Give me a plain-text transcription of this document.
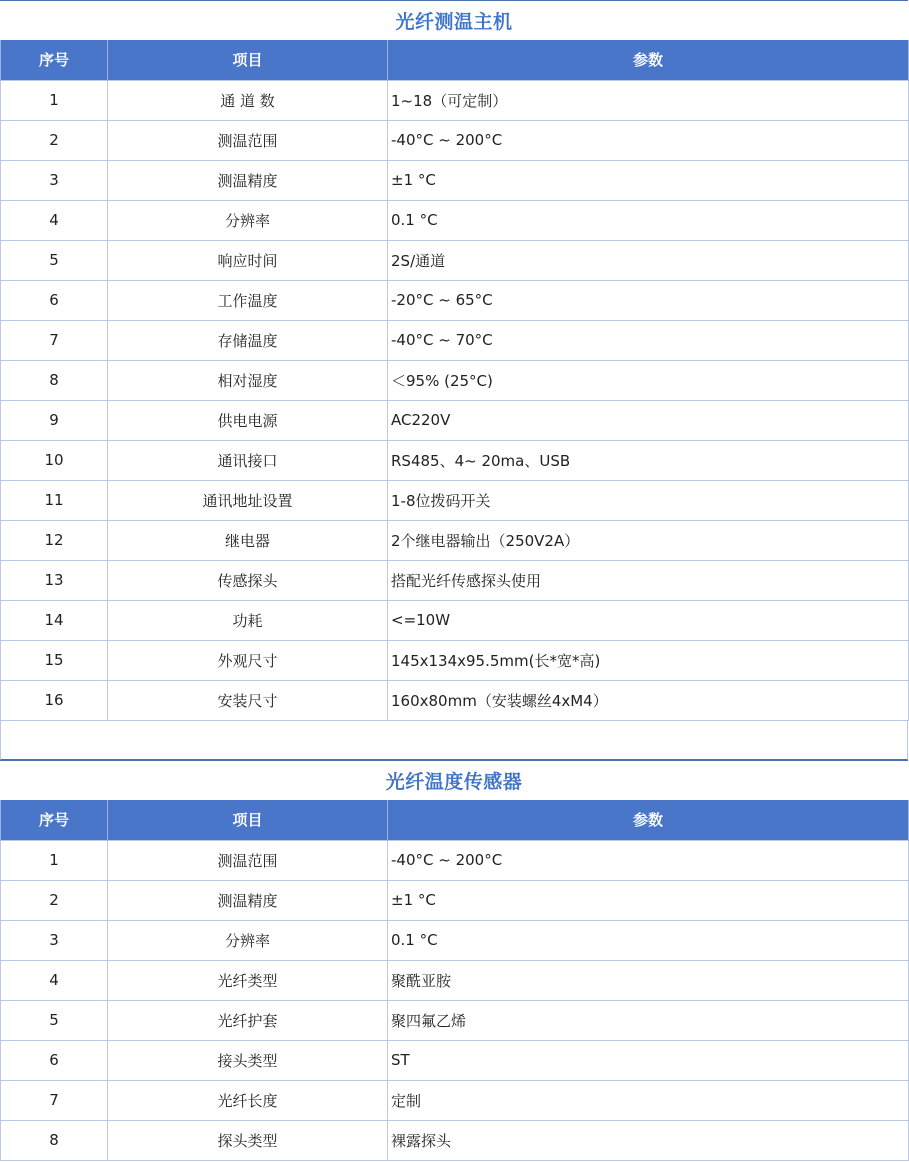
光纤测温主机
序号	项目	参数
1	通 道 数	1~18（可定制）
2	测温范围	-40°C ~ 200°C
3	测温精度	±1 °C
4	分辨率	0.1 °C
5	响应时间	2S/通道
6	工作温度	-20°C ~ 65°C
7	存储温度	-40°C ~ 70°C
8	相对湿度	＜95% (25°C)
9	供电电源	AC220V
10	通讯接口	RS485、4~ 20ma、USB
11	通讯地址设置	1-8位拨码开关
12	继电器	2个继电器输出（250V2A）
13	传感探头	搭配光纤传感探头使用
14	功耗	<=10W
15	外观尺寸	145x134x95.5mm(长*宽*高)
16	安装尺寸	160x80mm（安装螺丝4xM4）
光纤温度传感器
序号	项目	参数
1	测温范围	-40°C ~ 200°C
2	测温精度	±1 °C
3	分辨率	0.1 °C
4	光纤类型	聚酰亚胺
5	光纤护套	聚四氟乙烯
6	接头类型	ST
7	光纤长度	定制
8	探头类型	裸露探头
